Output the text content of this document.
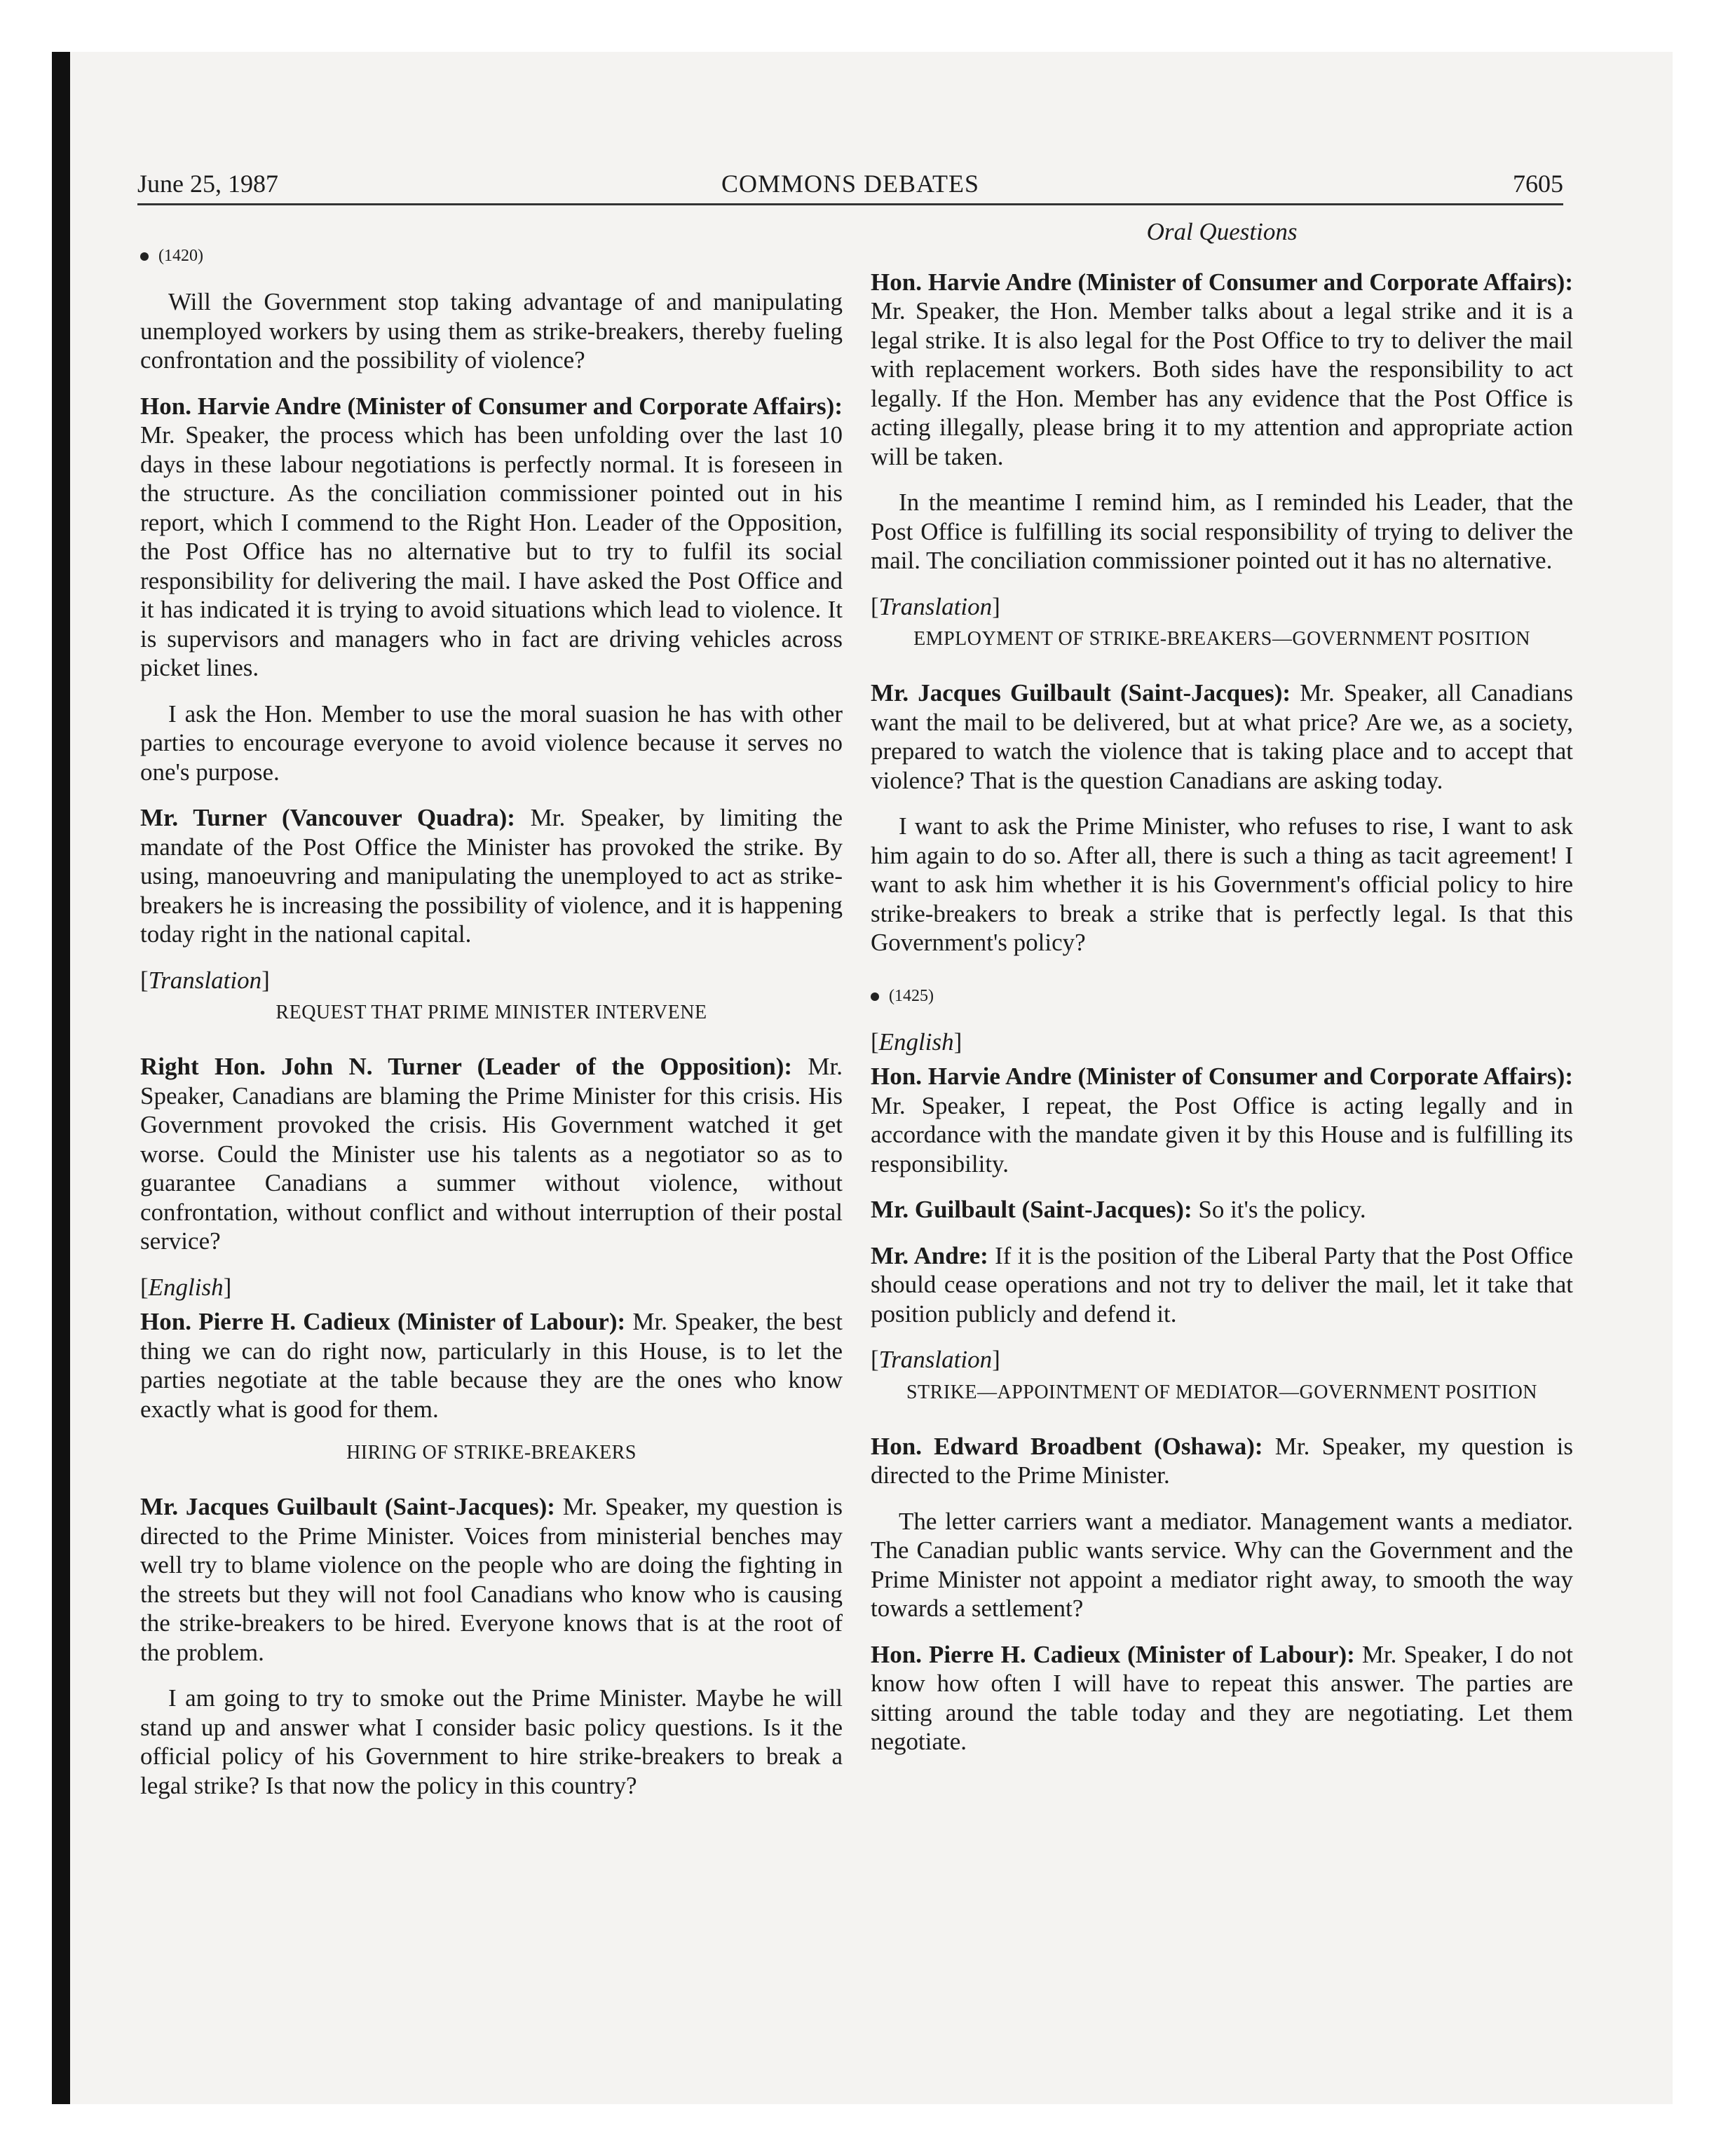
June 25, 1987	COMMONS DEBATES	7605
(1420)

Will the Government stop taking advantage of and manipulating unemployed workers by using them as strike-breakers, thereby fueling confrontation and the possibility of violence?

Hon. Harvie Andre (Minister of Consumer and Corporate Affairs): Mr. Speaker, the process which has been unfolding over the last 10 days in these labour negotiations is perfectly normal. It is foreseen in the structure. As the conciliation commissioner pointed out in his report, which I commend to the Right Hon. Leader of the Opposition, the Post Office has no alternative but to try to fulfil its social responsibility for delivering the mail. I have asked the Post Office and it has indicated it is trying to avoid situations which lead to violence. It is supervisors and managers who in fact are driving vehicles across picket lines.

I ask the Hon. Member to use the moral suasion he has with other parties to encourage everyone to avoid violence because it serves no one's purpose.

Mr. Turner (Vancouver Quadra): Mr. Speaker, by limiting the mandate of the Post Office the Minister has provoked the strike. By using, manoeuvring and manipulating the unemployed to act as strike-breakers he is increasing the possibility of violence, and it is happening today right in the national capital.

[Translation]

REQUEST THAT PRIME MINISTER INTERVENE

Right Hon. John N. Turner (Leader of the Opposition): Mr. Speaker, Canadians are blaming the Prime Minister for this crisis. His Government provoked the crisis. His Government watched it get worse. Could the Minister use his talents as a negotiator so as to guarantee Canadians a summer without violence, without confrontation, without conflict and without interruption of their postal service?

[English]

Hon. Pierre H. Cadieux (Minister of Labour): Mr. Speaker, the best thing we can do right now, particularly in this House, is to let the parties negotiate at the table because they are the ones who know exactly what is good for them.

HIRING OF STRIKE-BREAKERS

Mr. Jacques Guilbault (Saint-Jacques): Mr. Speaker, my question is directed to the Prime Minister. Voices from ministerial benches may well try to blame violence on the people who are doing the fighting in the streets but they will not fool Canadians who know who is causing the strike-breakers to be hired. Everyone knows that is at the root of the problem.

I am going to try to smoke out the Prime Minister. Maybe he will stand up and answer what I consider basic policy questions. Is it the official policy of his Government to hire strike-breakers to break a legal strike? Is that now the policy in this country?

Oral Questions

Hon. Harvie Andre (Minister of Consumer and Corporate Affairs): Mr. Speaker, the Hon. Member talks about a legal strike and it is a legal strike. It is also legal for the Post Office to try to deliver the mail with replacement workers. Both sides have the responsibility to act legally. If the Hon. Member has any evidence that the Post Office is acting illegally, please bring it to my attention and appropriate action will be taken.

In the meantime I remind him, as I reminded his Leader, that the Post Office is fulfilling its social responsibility of trying to deliver the mail. The conciliation commissioner pointed out it has no alternative.

[Translation]

EMPLOYMENT OF STRIKE-BREAKERS—GOVERNMENT POSITION

Mr. Jacques Guilbault (Saint-Jacques): Mr. Speaker, all Canadians want the mail to be delivered, but at what price? Are we, as a society, prepared to watch the violence that is taking place and to accept that violence? That is the question Canadians are asking today.

I want to ask the Prime Minister, who refuses to rise, I want to ask him again to do so. After all, there is such a thing as tacit agreement! I want to ask him whether it is his Government's official policy to hire strike-breakers to break a strike that is perfectly legal. Is that this Government's policy?

(1425)

[English]

Hon. Harvie Andre (Minister of Consumer and Corporate Affairs): Mr. Speaker, I repeat, the Post Office is acting legally and in accordance with the mandate given it by this House and is fulfilling its responsibility.

Mr. Guilbault (Saint-Jacques): So it's the policy.

Mr. Andre: If it is the position of the Liberal Party that the Post Office should cease operations and not try to deliver the mail, let it take that position publicly and defend it.

[Translation]

STRIKE—APPOINTMENT OF MEDIATOR—GOVERNMENT POSITION

Hon. Edward Broadbent (Oshawa): Mr. Speaker, my question is directed to the Prime Minister.

The letter carriers want a mediator. Management wants a mediator. The Canadian public wants service. Why can the Government and the Prime Minister not appoint a mediator right away, to smooth the way towards a settlement?

Hon. Pierre H. Cadieux (Minister of Labour): Mr. Speaker, I do not know how often I will have to repeat this answer. The parties are sitting around the table today and they are negotiating. Let them negotiate.
